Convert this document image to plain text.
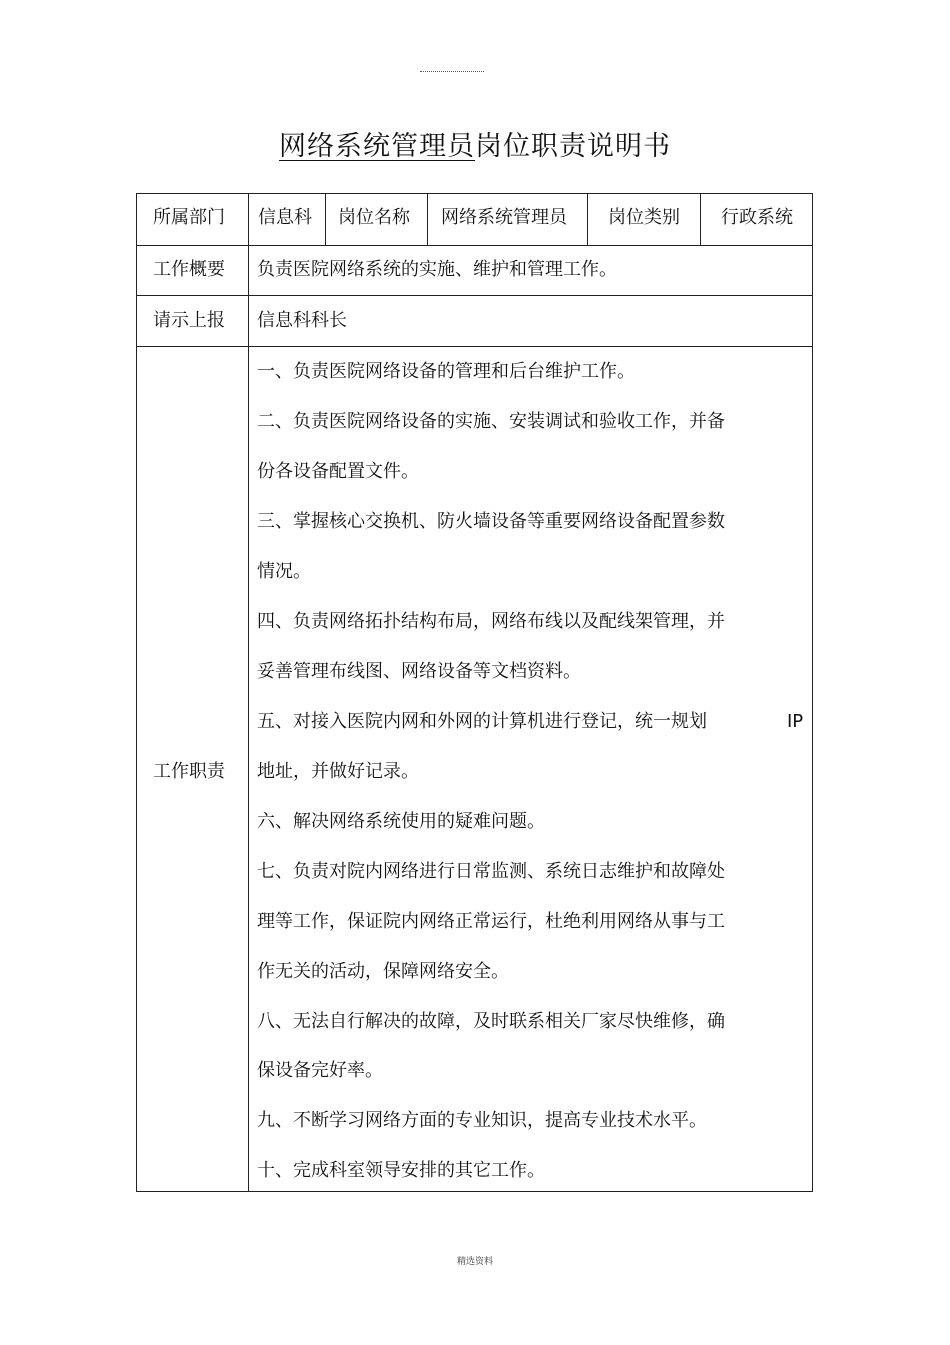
网络系统管理员岗位职责说明书
所属部门 信息科 岗位名称 网络系统管理员 岗位类别 行政系统
工作概要 负责医院网络系统的实施、维护和管理工作。
请示上报 信息科科长
工作职责
一、负责医院网络设备的管理和后台维护工作。
二、负责医院网络设备的实施、安装调试和验收工作，并备
份各设备配置文件。
三、掌握核心交换机、防火墙设备等重要网络设备配置参数
情况。
四、负责网络拓扑结构布局，网络布线以及配线架管理，并
妥善管理布线图、网络设备等文档资料。
五、对接入医院内网和外网的计算机进行登记，统一规划	IP
地址，并做好记录。
六、解决网络系统使用的疑难问题。
七、负责对院内网络进行日常监测、系统日志维护和故障处
理等工作，保证院内网络正常运行，杜绝利用网络从事与工
作无关的活动，保障网络安全。
八、无法自行解决的故障，及时联系相关厂家尽快维修，确
保设备完好率。
九、不断学习网络方面的专业知识，提高专业技术水平。
十、完成科室领导安排的其它工作。
精选资料
